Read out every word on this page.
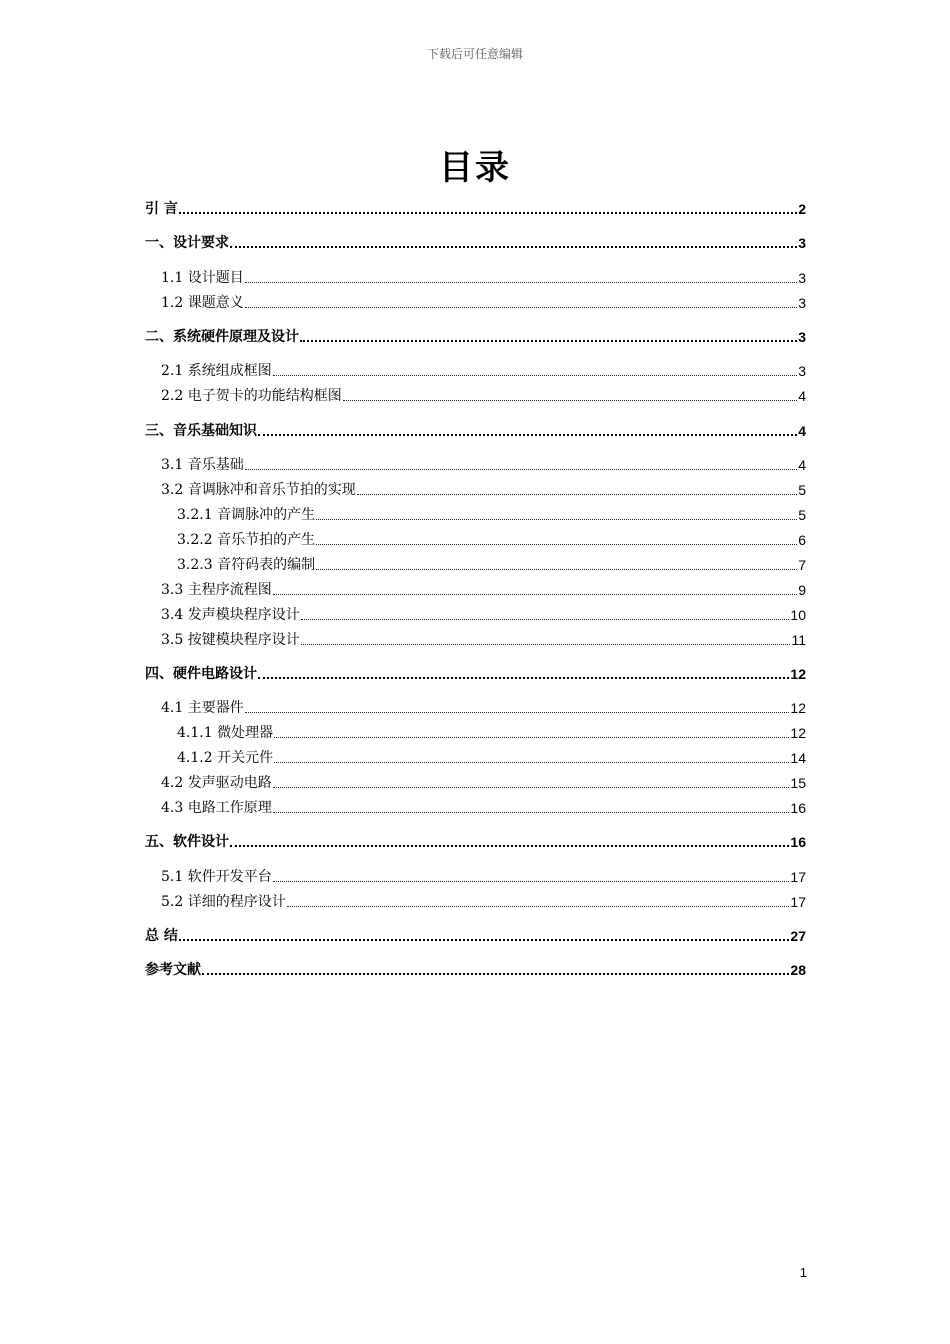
下载后可任意编辑
目录
引 言	2
一、设计要求	3
1.1 设计题目	3
1.2 课题意义	3
二、系统硬件原理及设计	3
2.1 系统组成框图	3
2.2 电子贺卡的功能结构框图	4
三、音乐基础知识	4
3.1 音乐基础	4
3.2 音调脉冲和音乐节拍的实现	5
3.2.1 音调脉冲的产生	5
3.2.2 音乐节拍的产生	6
3.2.3 音符码表的编制	7
3.3 主程序流程图	9
3.4 发声模块程序设计	10
3.5 按键模块程序设计	11
四、硬件电路设计	12
4.1 主要器件	12
4.1.1 微处理器	12
4.1.2 开关元件	14
4.2 发声驱动电路	15
4.3 电路工作原理	16
五、软件设计	16
5.1 软件开发平台	17
5.2 详细的程序设计	17
总 结	27
参考文献	28
1
